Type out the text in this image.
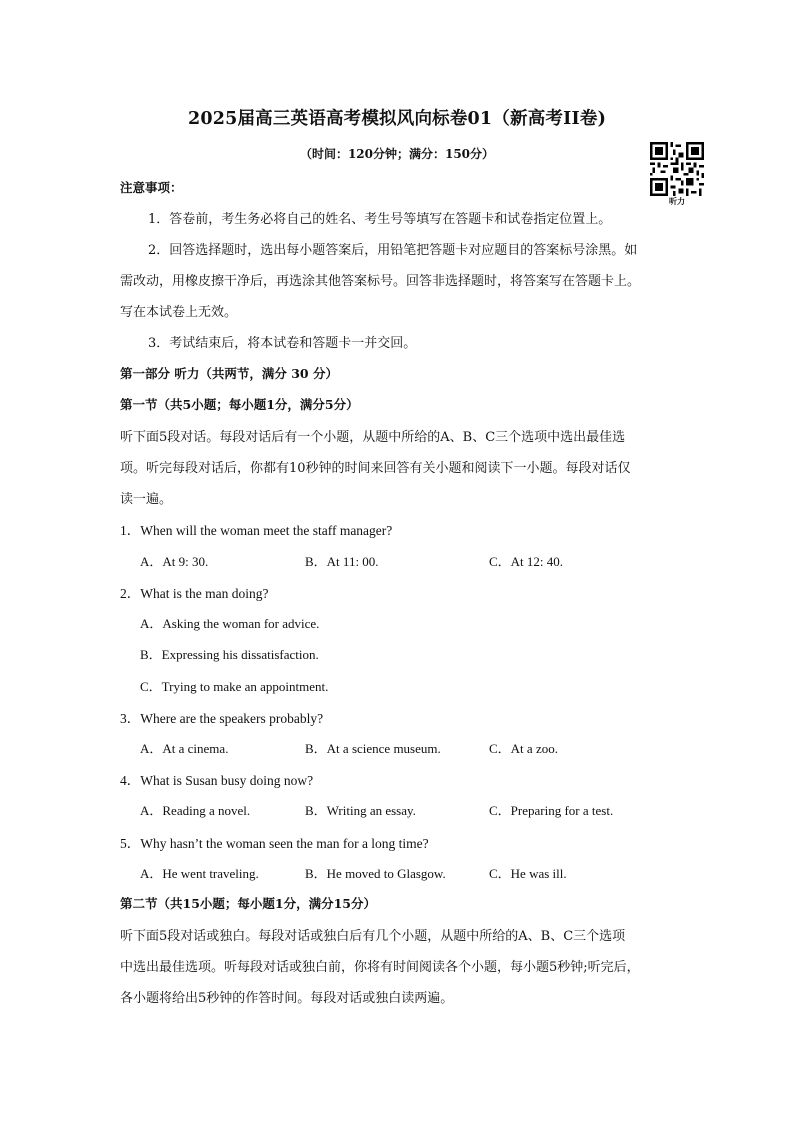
2025届高三英语高考模拟风向标卷01（新高考II卷)
（时间：120分钟；满分：150分）
听力
注意事项：
1．答卷前，考生务必将自己的姓名、考生号等填写在答题卡和试卷指定位置上。
2．回答选择题时，选出每小题答案后，用铅笔把答题卡对应题目的答案标号涂黑。如
需改动，用橡皮擦干净后，再选涂其他答案标号。回答非选择题时，将答案写在答题卡上。
写在本试卷上无效。
3．考试结束后，将本试卷和答题卡一并交回。
第一部分 听力（共两节，满分 30 分）
第一节（共5小题；每小题1分，满分5分）
听下面5段对话。每段对话后有一个小题，从题中所给的A、B、C三个选项中选出最佳选
项。听完每段对话后，你都有10秒钟的时间来回答有关小题和阅读下一小题。每段对话仅
读一遍。
1．When will the woman meet the staff manager?
A．At 9: 30.	B．At 11: 00.	C．At 12: 40.
2．What is the man doing?
A．Asking the woman for advice.
B．Expressing his dissatisfaction.
C．Trying to make an appointment.
3．Where are the speakers probably?
A．At a cinema.	B．At a science museum.	C．At a zoo.
4．What is Susan busy doing now?
A．Reading a novel.	B．Writing an essay.	C．Preparing for a test.
5．Why hasn’t the woman seen the man for a long time?
A．He went traveling.	B．He moved to Glasgow.	C．He was ill.
第二节（共15小题；每小题1分，满分15分）
听下面5段对话或独白。每段对话或独白后有几个小题，从题中所给的A、B、C三个选项
中选出最佳选项。听每段对话或独白前，你将有时间阅读各个小题，每小题5秒钟;听完后，
各小题将给出5秒钟的作答时间。每段对话或独白读两遍。
